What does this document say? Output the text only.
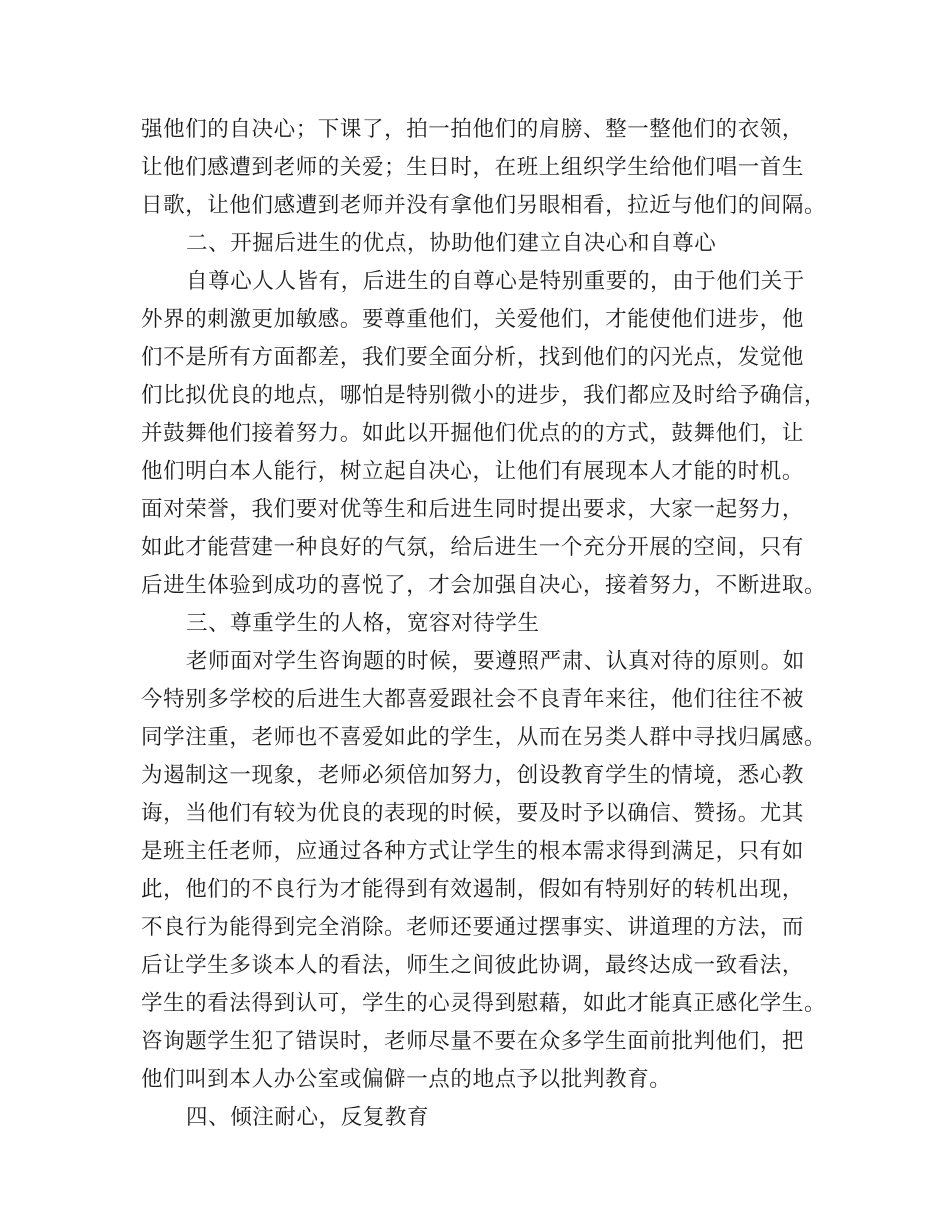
强他们的自决心；下课了，拍一拍他们的肩膀、整一整他们的衣领，
让他们感遭到老师的关爱；生日时，在班上组织学生给他们唱一首生
日歌，让他们感遭到老师并没有拿他们另眼相看，拉近与他们的间隔。
二、开掘后进生的优点，协助他们建立自决心和自尊心
自尊心人人皆有，后进生的自尊心是特别重要的，由于他们关于
外界的刺激更加敏感。要尊重他们，关爱他们，才能使他们进步，他
们不是所有方面都差，我们要全面分析，找到他们的闪光点，发觉他
们比拟优良的地点，哪怕是特别微小的进步，我们都应及时给予确信，
并鼓舞他们接着努力。如此以开掘他们优点的的方式，鼓舞他们，让
他们明白本人能行，树立起自决心，让他们有展现本人才能的时机。
面对荣誉，我们要对优等生和后进生同时提出要求，大家一起努力，
如此才能营建一种良好的气氛，给后进生一个充分开展的空间，只有
后进生体验到成功的喜悦了，才会加强自决心，接着努力，不断进取。
三、尊重学生的人格，宽容对待学生
老师面对学生咨询题的时候，要遵照严肃、认真对待的原则。如
今特别多学校的后进生大都喜爱跟社会不良青年来往，他们往往不被
同学注重，老师也不喜爱如此的学生，从而在另类人群中寻找归属感。
为遏制这一现象，老师必须倍加努力，创设教育学生的情境，悉心教
诲，当他们有较为优良的表现的时候，要及时予以确信、赞扬。尤其
是班主任老师，应通过各种方式让学生的根本需求得到满足，只有如
此，他们的不良行为才能得到有效遏制，假如有特别好的转机出现，
不良行为能得到完全消除。老师还要通过摆事实、讲道理的方法，而
后让学生多谈本人的看法，师生之间彼此协调，最终达成一致看法，
学生的看法得到认可，学生的心灵得到慰藉，如此才能真正感化学生。
咨询题学生犯了错误时，老师尽量不要在众多学生面前批判他们，把
他们叫到本人办公室或偏僻一点的地点予以批判教育。
四、倾注耐心，反复教育
